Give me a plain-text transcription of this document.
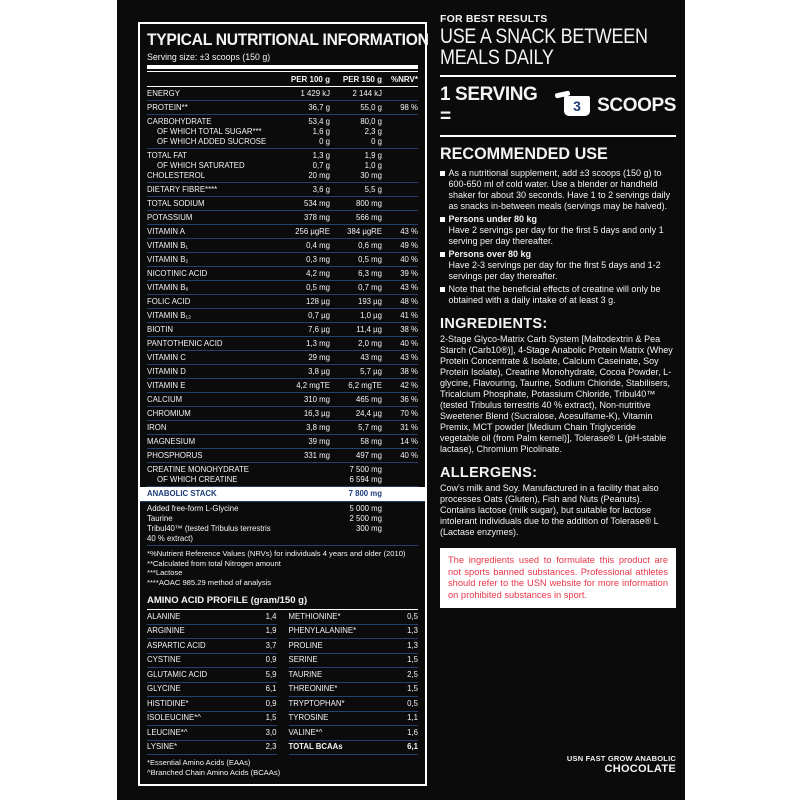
TYPICAL NUTRITIONAL INFORMATION
Serving size: ±3 scoops (150 g)
PER 100 g	PER 150 g	%NRV*
ENERGY	1 429 kJ	2 144 kJ
PROTEIN**	36,7 g	55,0 g	98 %
CARBOHYDRATE	53,4 g	80,0 g
OF WHICH TOTAL SUGAR***	1,6 g	2,3 g
OF WHICH ADDED SUCROSE	0 g	0 g
TOTAL FAT	1,3 g	1,9 g
OF WHICH SATURATED	0,7 g	1,0 g
CHOLESTEROL	20 mg	30 mg
DIETARY FIBRE****	3,6 g	5,5 g
TOTAL SODIUM	534 mg	800 mg
POTASSIUM	378 mg	566 mg
VITAMIN A	256 µgRE	384 µgRE	43 %
VITAMIN B₁	0,4 mg	0,6 mg	49 %
VITAMIN B₂	0,3 mg	0,5 mg	40 %
NICOTINIC ACID	4,2 mg	6,3 mg	39 %
VITAMIN B₆	0,5 mg	0,7 mg	43 %
FOLIC ACID	128 µg	193 µg	48 %
VITAMIN B₁₂	0,7 µg	1,0 µg	41 %
BIOTIN	7,6 µg	11,4 µg	38 %
PANTOTHENIC ACID	1,3 mg	2,0 mg	40 %
VITAMIN C	29 mg	43 mg	43 %
VITAMIN D	3,8 µg	5,7 µg	38 %
VITAMIN E	4,2 mgTE	6,2 mgTE	42 %
CALCIUM	310 mg	465 mg	36 %
CHROMIUM	16,3 µg	24,4 µg	70 %
IRON	3,8 mg	5,7 mg	31 %
MAGNESIUM	39 mg	58 mg	14 %
PHOSPHORUS	331 mg	497 mg	40 %
CREATINE MONOHYDRATE	7 500 mg
OF WHICH CREATINE	6 594 mg
ANABOLIC STACK	7 800 mg
Added free-form L-Glycine	5 000 mg
Taurine	2 500 mg
Tribul40™ (tested Tribulus terrestris 40 % extract)
300 mg
*%Nutrient Reference Values (NRVs) for individuals 4 years and older (2010)
**Calculated from total Nitrogen amount
***Lactose
****AOAC 985.29 method of analysis
AMINO ACID PROFILE (gram/150 g)
ALANINE	1,4
ARGININE	1,9
ASPARTIC ACID	3,7
CYSTINE	0,9
GLUTAMIC ACID	5,9
GLYCINE	6,1
HISTIDINE*	0,9
ISOLEUCINE*^	1,5
LEUCINE*^	3,0
LYSINE*	2,3
METHIONINE*	0,5
PHENYLALANINE*	1,3
PROLINE	1,3
SERINE	1,5
TAURINE	2,5
THREONINE*	1,5
TRYPTOPHAN*	0,5
TYROSINE	1,1
VALINE*^	1,6
TOTAL BCAAs	6,1
*Essential Amino Acids (EAAs)
^Branched Chain Amino Acids (BCAAs)
FOR BEST RESULTS
USE A SNACK BETWEEN MEALS DAILY
1 SERVING =	3 SCOOPS
RECOMMENDED USE
As a nutritional supplement, add ±3 scoops (150 g) to 600-650 ml of cold water. Use a blender or handheld shaker for about 30 seconds. Have 1 to 2 servings daily as snacks in-between meals (servings may be halved).
Persons under 80 kg
Have 2 servings per day for the first 5 days and only 1 serving per day thereafter.
Persons over 80 kg
Have 2-3 servings per day for the first 5 days and 1-2 servings per day thereafter.
Note that the beneficial effects of creatine will only be obtained with a daily intake of at least 3 g.
INGREDIENTS:
2-Stage Glyco-Matrix Carb System [Maltodextrin & Pea Starch (Carb10®)], 4-Stage Anabolic Protein Matrix (Whey Protein Concentrate & Isolate, Calcium Caseinate, Soy Protein Isolate), Creatine Monohydrate, Cocoa Powder, L-glycine, Flavouring, Taurine, Sodium Chloride, Stabilisers, Tricalcium Phosphate, Potassium Chloride, Tribul40™ (tested Tribulus terrestris 40 % extract), Non-nutritive Sweetener Blend (Sucralose, Acesulfame-K), Vitamin Premix, MCT powder [Medium Chain Triglyceride vegetable oil (from Palm kernel)], Tolerase® L (pH-stable lactase), Chromium Picolinate.
ALLERGENS:
Cow's milk and Soy. Manufactured in a facility that also processes Oats (Gluten), Fish and Nuts (Peanuts). Contains lactose (milk sugar), but suitable for lactose intolerant individuals due to the addition of Tolerase® L (Lactase enzymes).
The ingredients used to formulate this product are not sports banned substances. Professional athletes should refer to the USN website for more information on prohibited substances in sport.
USN FAST GROW ANABOLIC
CHOCOLATE
